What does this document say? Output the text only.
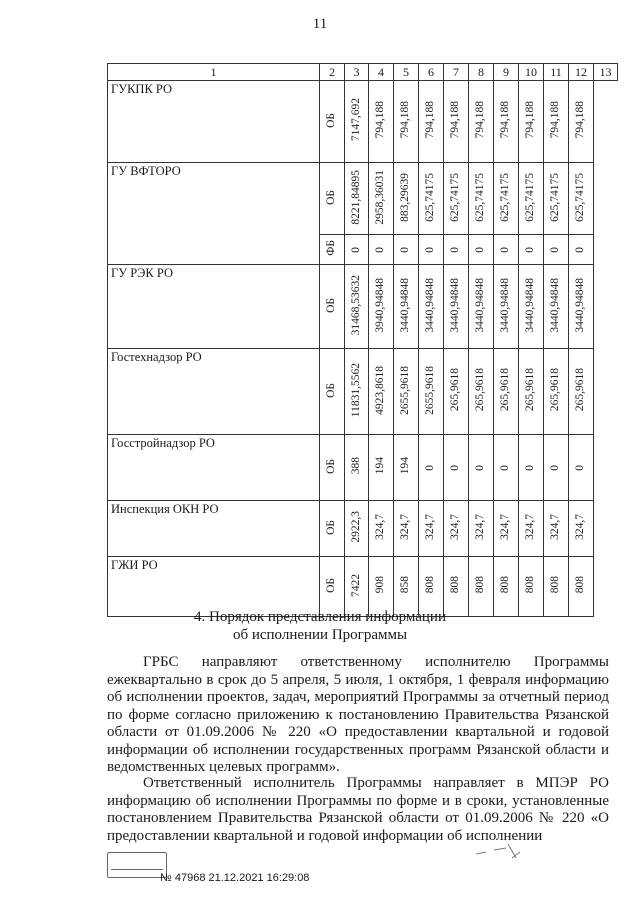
11
1	2	3	4	5	6	7	8	9	10	11	12	13
ГУКПК РО	ОБ	7147,692	794,188	794,188	794,188	794,188	794,188	794,188	794,188	794,188	794,188	
ГУ ВФТОРО	ОБ	8221,84895	2958,36031	883,29639	625,74175	625,74175	625,74175	625,74175	625,74175	625,74175	625,74175	
	ФБ	0	0	0	0	0	0	0	0	0	0	
ГУ РЭК РО	ОБ	31468,53632	3940,94848	3440,94848	3440,94848	3440,94848	3440,94848	3440,94848	3440,94848	3440,94848	3440,94848	
Гостехнадзор РО	ОБ	11831,5562	4923,8618	2655,9618	2655,9618	265,9618	265,9618	265,9618	265,9618	265,9618	265,9618	
Госстройнадзор РО	ОБ	388	194	194	0	0	0	0	0	0	0	
Инспекция ОКН РО	ОБ	2922,3	324,7	324,7	324,7	324,7	324,7	324,7	324,7	324,7	324,7	
ГЖИ РО	ОБ	7422	908	858	808	808	808	808	808	808	808	
4. Порядок представления информации
об исполнении Программы

ГРБС направляют ответственному исполнителю Программы ежеквартально в срок до 5 апреля, 5 июля, 1 октября, 1 февраля информацию об исполнении проектов, задач, мероприятий Программы за отчетный период по форме согласно приложению к постановлению Правительства Рязанской области от 01.09.2006 № 220 «О предоставлении квартальной и годовой информации об исполнении государственных программ Рязанской области и ведомственных целевых программ».

Ответственный исполнитель Программы направляет в МПЭР РО информацию об исполнении Программы по форме и в сроки, установленные постановлением Правительства Рязанской области от 01.09.2006 № 220 «О предоставлении квартальной и годовой информации об исполнении

№ 47968 21.12.2021 16:29:08
